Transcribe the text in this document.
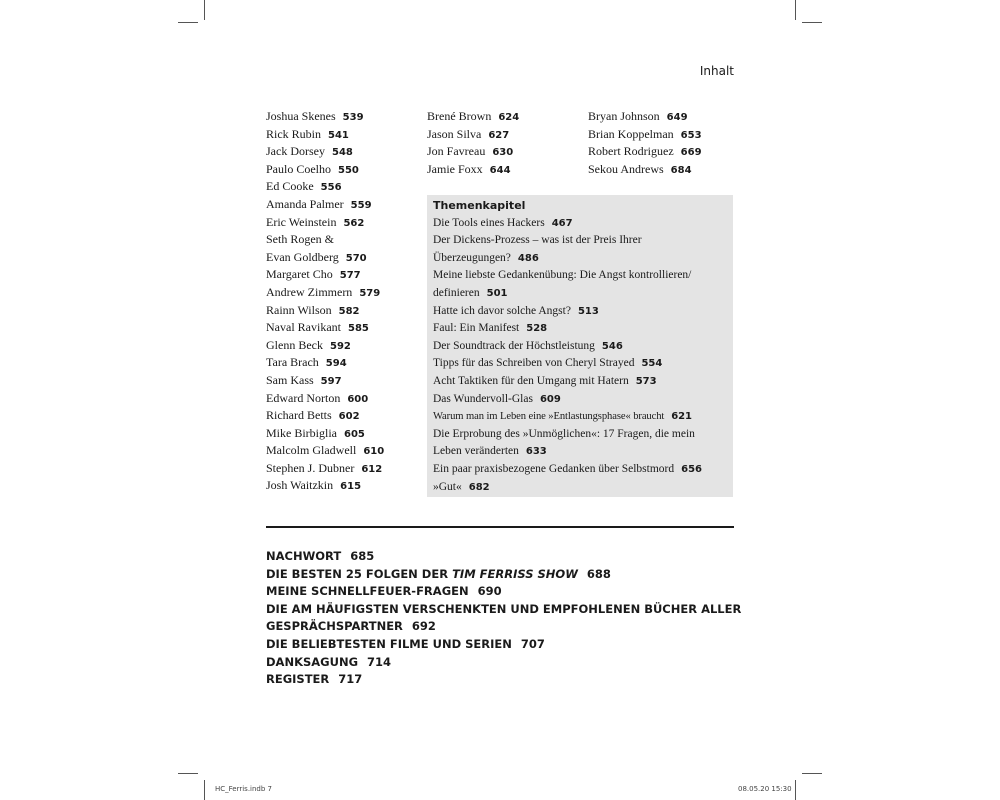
Inhalt
Joshua Skenes 539
Rick Rubin 541
Jack Dorsey 548
Paulo Coelho 550
Ed Cooke 556
Amanda Palmer 559
Eric Weinstein 562
Seth Rogen &
Evan Goldberg 570
Margaret Cho 577
Andrew Zimmern 579
Rainn Wilson 582
Naval Ravikant 585
Glenn Beck 592
Tara Brach 594
Sam Kass 597
Edward Norton 600
Richard Betts 602
Mike Birbiglia 605
Malcolm Gladwell 610
Stephen J. Dubner 612
Josh Waitzkin 615
Brené Brown 624
Jason Silva 627
Jon Favreau 630
Jamie Foxx 644
Bryan Johnson 649
Brian Koppelman 653
Robert Rodriguez 669
Sekou Andrews 684
Themenkapitel
Die Tools eines Hackers 467
Der Dickens-Prozess – was ist der Preis Ihrer
Überzeugungen? 486
Meine liebste Gedankenübung: Die Angst kontrollieren/
definieren 501
Hatte ich davor solche Angst? 513
Faul: Ein Manifest 528
Der Soundtrack der Höchstleistung 546
Tipps für das Schreiben von Cheryl Strayed 554
Acht Taktiken für den Umgang mit Hatern 573
Das Wundervoll-Glas 609
Warum man im Leben eine »Entlastungsphase« braucht 621
Die Erprobung des »Unmöglichen«: 17 Fragen, die mein
Leben veränderten 633
Ein paar praxisbezogene Gedanken über Selbstmord 656
»Gut« 682
NACHWORT 685
DIE BESTEN 25 FOLGEN DER TIM FERRISS SHOW 688
MEINE SCHNELLFEUER-FRAGEN 690
DIE AM HÄUFIGSTEN VERSCHENKTEN UND EMPFOHLENEN BÜCHER ALLER
GESPRÄCHSPARTNER 692
DIE BELIEBTESTEN FILME UND SERIEN 707
DANKSAGUNG 714
REGISTER 717
HC_Ferris.indb 7	08.05.20 15:30
